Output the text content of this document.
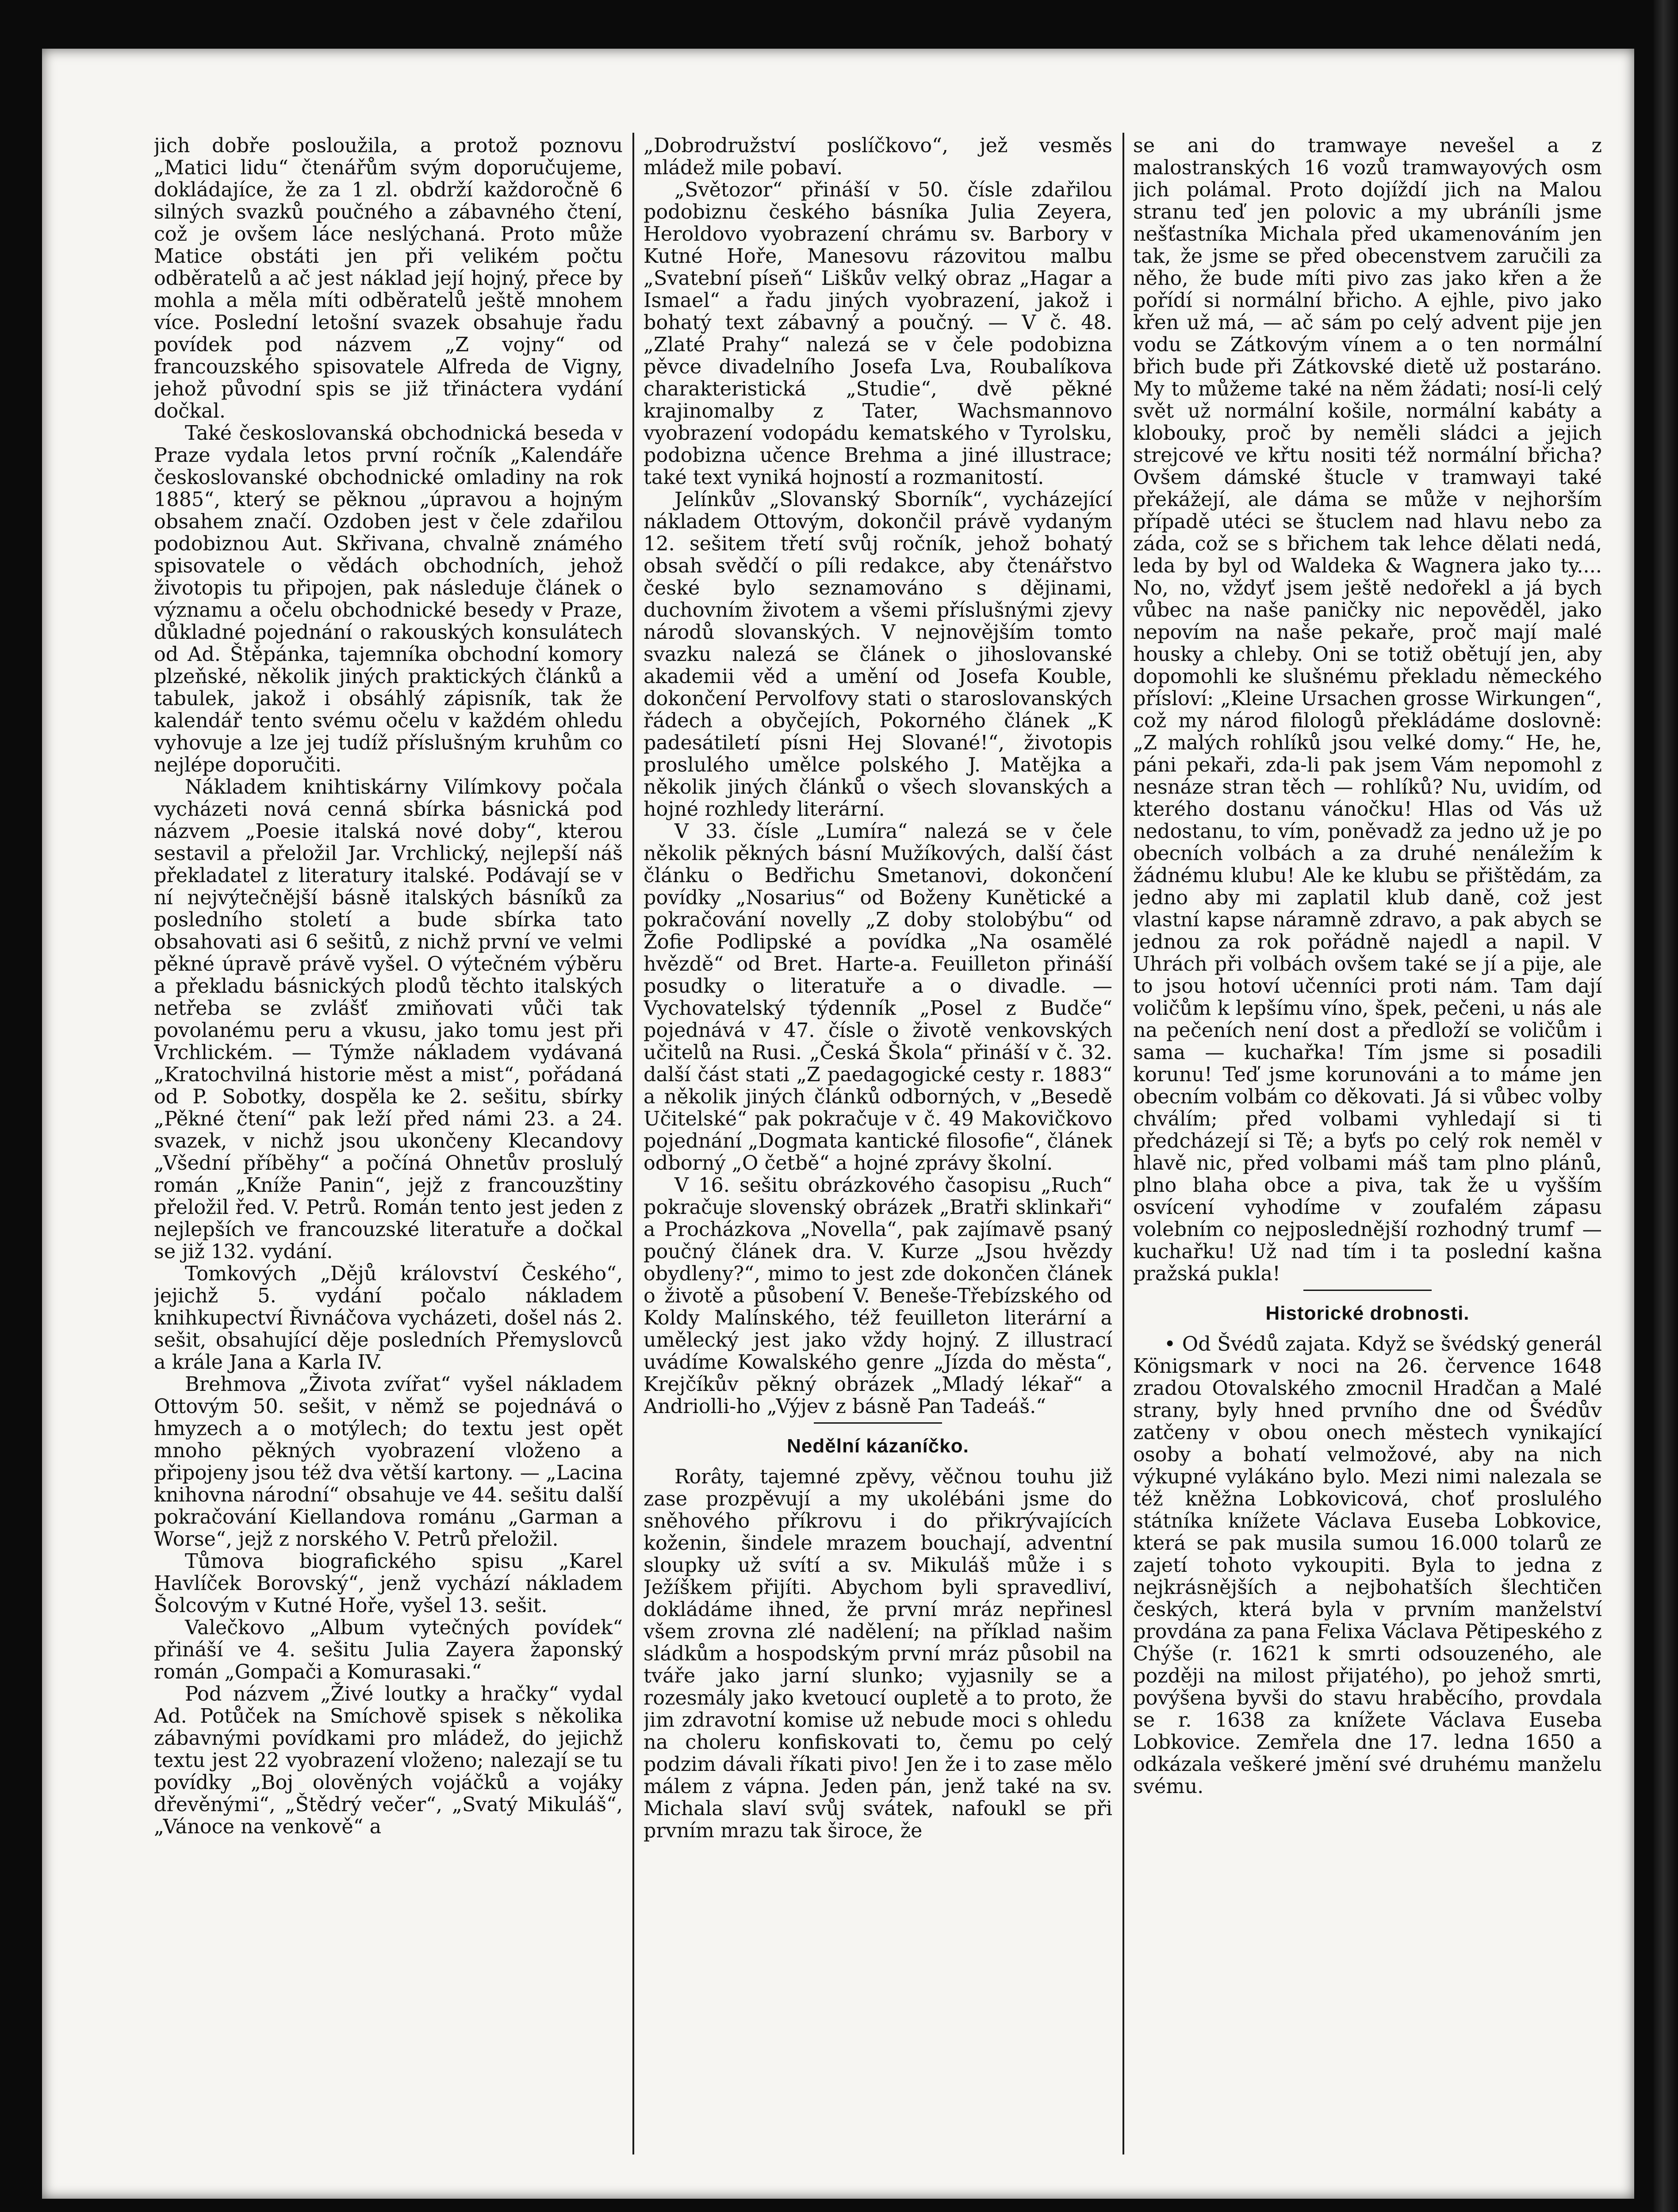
jich dobře posloužila, a protož poznovu „Matici lidu“ čtenářům svým doporučujeme, dokládajíce, že za 1 zl. obdrží každoročně 6 silných svazků poučného a zábavného čtení, což je ovšem láce neslýchaná. Proto může Matice obstáti jen při velikém počtu odběratelů a ač jest náklad její hojný, přece by mohla a měla míti odběratelů ještě mnohem více. Poslední letošní svazek obsahuje řadu povídek pod názvem „Z vojny“ od francouzského spisovatele Alfreda de Vigny, jehož původní spis se již třináctera vydání dočkal.

Také českoslovanská obchodnická beseda v Praze vydala letos první ročník „Kalendáře českoslovanské obchodnické omladiny na rok 1885“, který se pěknou „úpravou a hojným obsahem značí. Ozdoben jest v čele zdařilou podobiznou Aut. Skřivana, chvalně známého spisovatele o vědách obchodních, jehož životopis tu připojen, pak následuje článek o významu a očelu obchodnické besedy v Praze, důkladné pojednání o rakouských konsulátech od Ad. Štěpánka, tajemníka obchodní komory plzeňské, několik jiných praktických článků a tabulek, jakož i obsáhlý zápisník, tak že kalendář tento svému očelu v každém ohledu vyhovuje a lze jej tudíž příslušným kruhům co nejlépe doporučiti.

Nákladem knihtiskárny Vilímkovy počala vycházeti nová cenná sbírka básnická pod názvem „Poesie italská nové doby“, kterou sestavil a přeložil Jar. Vrchlický, nejlepší náš překladatel z literatury italské. Podávají se v ní nejvýtečnější básně italských básníků za posledního století a bude sbírka tato obsahovati asi 6 sešitů, z nichž první ve velmi pěkné úpravě právě vyšel. O výtečném výběru a překladu básnických plodů těchto italských netřeba se zvlášť zmiňovati vůči tak povolanému peru a vkusu, jako tomu jest při Vrchlickém. — Týmže nákladem vydávaná „Kratochvilná historie měst a mist“, pořádaná od P. Sobotky, dospěla ke 2. sešitu, sbírky „Pěkné čtení“ pak leží před námi 23. a 24. svazek, v nichž jsou ukončeny Klecandovy „Všední příběhy“ a počíná Ohnetův proslulý román „Kníže Panin“, jejž z francouzštiny přeložil řed. V. Petrů. Román tento jest jeden z nejlepších ve francouzské literatuře a dočkal se již 132. vydání.

Tomkových „Dějů království Českého“, jejichž 5. vydání počalo nákladem knihkupectví Řivnáčova vycházeti, došel nás 2. sešit, obsahující děje posledních Přemyslovců a krále Jana a Karla IV.

Brehmova „Života zvířat“ vyšel nákladem Ottovým 50. sešit, v němž se pojednává o hmyzech a o motýlech; do textu jest opět mnoho pěkných vyobrazení vloženo a připojeny jsou též dva větší kartony. — „Lacina knihovna národní“ obsahuje ve 44. sešitu další pokračování Kiellandova románu „Garman a Worse“, jejž z norského V. Petrů přeložil.

Tůmova biografického spisu „Karel Havlíček Borovský“, jenž vychází nákladem Šolcovým v Kutné Hoře, vyšel 13. sešit.

Valečkovo „Album vytečných povídek“ přináší ve 4. sešitu Julia Zayera žaponský román „Gompači a Komurasaki.“

Pod názvem „Živé loutky a hračky“ vydal Ad. Potůček na Smíchově spisek s několika zábavnými povídkami pro mládež, do jejichž textu jest 22 vyobrazení vloženo; nalezají se tu povídky „Boj olověných vojáčků a vojáky dřevěnými“, „Štědrý večer“, „Svatý Mikuláš“, „Vánoce na venkově“ a

„Dobrodružství poslíčkovo“, jež vesměs mládež mile pobaví.

„Světozor“ přináší v 50. čísle zdařilou podobiznu českého básníka Julia Zeyera, Heroldovo vyobrazení chrámu sv. Barbory v Kutné Hoře, Manesovu rázovitou malbu „Svatební píseň“ Liškův velký obraz „Hagar a Ismael“ a řadu jiných vyobrazení, jakož i bohatý text zábavný a poučný. — V č. 48. „Zlaté Prahy“ nalezá se v čele podobizna pěvce divadelního Josefa Lva, Roubalíkova charakteristická „Studie“, dvě pěkné krajinomalby z Tater, Wachsmannovo vyobrazení vodopádu kematského v Tyrolsku, podobizna učence Brehma a jiné illustrace; také text vyniká hojností a rozmanitostí.

Jelínkův „Slovanský Sborník“, vycházející nákladem Ottovým, dokončil právě vydaným 12. sešitem třetí svůj ročník, jehož bohatý obsah svědčí o píli redakce, aby čtenářstvo české bylo seznamováno s dějinami, duchovním životem a všemi příslušnými zjevy národů slovanských. V nejnovějším tomto svazku nalezá se článek o jihoslovanské akademii věd a umění od Josefa Kouble, dokončení Pervolfovy stati o staroslovanských řádech a obyčejích, Pokorného článek „K padesátiletí písni Hej Slované!“, životopis proslulého umělce polského J. Matějka a několik jiných článků o všech slovanských a hojné rozhledy literární.

V 33. čísle „Lumíra“ nalezá se v čele několik pěkných básní Mužíkových, další část článku o Bedřichu Smetanovi, dokončení povídky „Nosarius“ od Boženy Kunětické a pokračování novelly „Z doby stolobýbu“ od Žofie Podlipské a povídka „Na osamělé hvězdě“ od Bret. Harte-a. Feuilleton přináší posudky o literatuře a o divadle. — Vychovatelský týdenník „Posel z Budče“ pojednává v 47. čísle o životě venkovských učitelů na Rusi. „Česká Škola“ přináší v č. 32. další část stati „Z paedagogické cesty r. 1883“ a několik jiných článků odborných, v „Besedě Učitelské“ pak pokračuje v č. 49 Makovičkovo pojednání „Dogmata kantické filosofie“, článek odborný „O četbě“ a hojné zprávy školní.

V 16. sešitu obrázkového časopisu „Ruch“ pokračuje slovenský obrázek „Bratři sklinkaři“ a Procházkova „Novella“, pak zajímavě psaný poučný článek dra. V. Kurze „Jsou hvězdy obydleny?“, mimo to jest zde dokončen článek o životě a působení V. Beneše-Třebízského od Koldy Malínského, též feuilleton literární a umělecký jest jako vždy hojný. Z illustrací uvádíme Kowalského genre „Jízda do města“, Krejčíkův pěkný obrázek „Mladý lékař“ a Andriolli-ho „Výjev z básně Pan Tadeáš.“

Nedělní kázaníčko.

Rorâty, tajemné zpěvy, věčnou touhu již zase prozpěvují a my ukolébáni jsme do sněhového příkrovu i do přikrývajících koženin, šindele mrazem bouchají, adventní sloupky už svítí a sv. Mikuláš může i s Ježíškem přijíti. Abychom byli spravedliví, dokládáme ihned, že první mráz nepřinesl všem zrovna zlé nadělení; na příklad našim sládkům a hospodským první mráz působil na tváře jako jarní slunko; vyjasnily se a rozesmály jako kvetoucí oupletě a to proto, že jim zdravotní komise už nebude moci s ohledu na choleru konfiskovati to, čemu po celý podzim dávali říkati pivo! Jen že i to zase mělo málem z vápna. Jeden pán, jenž také na sv. Michala slaví svůj svátek, nafoukl se při prvním mrazu tak široce, že

se ani do tramwaye nevešel a z malostranských 16 vozů tramwayových osm jich polámal. Proto dojíždí jich na Malou stranu teď jen polovic a my ubráníli jsme nešťastníka Michala před ukamenováním jen tak, že jsme se před obecenstvem zaručili za něho, že bude míti pivo zas jako křen a že pořídí si normální břicho. A ejhle, pivo jako křen už má, — ač sám po celý advent pije jen vodu se Zátkovým vínem a o ten normální břich bude při Zátkovské dietě už postaráno. My to můžeme také na něm žádati; nosí-li celý svět už normální košile, normální kabáty a klobouky, proč by neměli sládci a jejich strejcové ve křtu nositi též normální břicha? Ovšem dámské štucle v tramwayi také překážejí, ale dáma se může v nejhorším případě utéci se štuclem nad hlavu nebo za záda, což se s břichem tak lehce dělati nedá, leda by byl od Waldeka & Wagnera jako ty.... No, no, vždyť jsem ještě nedořekl a já bych vůbec na naše paničky nic nepověděl, jako nepovím na naše pekaře, proč mají malé housky a chleby. Oni se totiž obětují jen, aby dopomohli ke slušnému překladu německého přísloví: „Kleine Ursachen grosse Wirkungen“, což my národ filologů překládáme doslovně: „Z malých rohlíků jsou velké domy.“ He, he, páni pekaři, zda-li pak jsem Vám nepomohl z nesnáze stran těch — rohlíků? Nu, uvidím, od kterého dostanu vánočku! Hlas od Vás už nedostanu, to vím, poněvadž za jedno už je po obecních volbách a za druhé nenáležím k žádnému klubu! Ale ke klubu se přištědám, za jedno aby mi zaplatil klub daně, což jest vlastní kapse náramně zdravo, a pak abych se jednou za rok pořádně najedl a napil. V Uhrách při volbách ovšem také se jí a pije, ale to jsou hotoví učenníci proti nám. Tam dají voličům k lepšímu víno, špek, pečeni, u nás ale na pečeních není dost a předloží se voličům i sama — kuchařka! Tím jsme si posadili korunu! Teď jsme korunováni a to máme jen obecním volbám co děkovati. Já si vůbec volby chválím; před volbami vyhledají si ti předcházejí si Tě; a byťs po celý rok neměl v hlavě nic, před volbami máš tam plno plánů, plno blaha obce a piva, tak že u vyšším osvícení vyhodíme v zoufalém zápasu volebním co nejposlednější rozhodný trumf — kuchařku! Už nad tím i ta poslední kašna pražská pukla!

Historické drobnosti.

• Od Švédů zajata. Když se švédský generál Königsmark v noci na 26. července 1648 zradou Otovalského zmocnil Hradčan a Malé strany, byly hned prvního dne od Švédův zatčeny v obou onech městech vynikající osoby a bohatí velmožové, aby na nich výkupné vylákáno bylo. Mezi nimi nalezala se též kněžna Lobkovicová, choť proslulého státníka knížete Václava Euseba Lobkovice, která se pak musila sumou 16.000 tolarů ze zajetí tohoto vykoupiti. Byla to jedna z nejkrásnějších a nejbohatších šlechtičen českých, která byla v prvním manželství provdána za pana Felixa Václava Pětipeského z Chýše (r. 1621 k smrti odsouzeného, ale později na milost přijatého), po jehož smrti, povýšena byvši do stavu hraběcího, provdala se r. 1638 za knížete Václava Euseba Lobkovice. Zemřela dne 17. ledna 1650 a odkázala veškeré jmění své druhému manželu svému.
